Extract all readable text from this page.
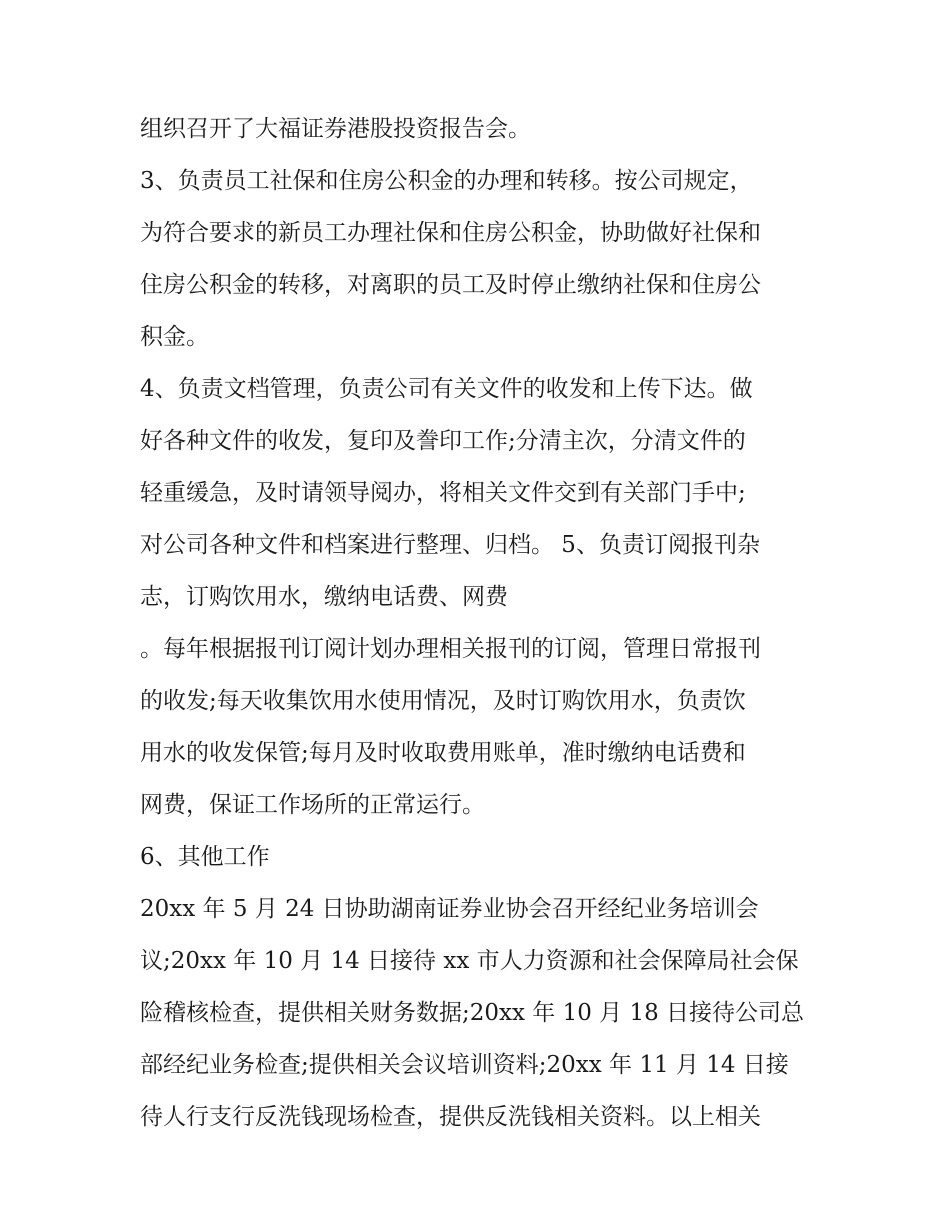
组织召开了大福证券港股投资报告会。
3、负责员工社保和住房公积金的办理和转移。按公司规定，
为符合要求的新员工办理社保和住房公积金，协助做好社保和
住房公积金的转移，对离职的员工及时停止缴纳社保和住房公
积金。
4、负责文档管理，负责公司有关文件的收发和上传下达。做
好各种文件的收发，复印及誊印工作;分清主次，分清文件的
轻重缓急，及时请领导阅办，将相关文件交到有关部门手中;
对公司各种文件和档案进行整理、归档。 5、负责订阅报刊杂
志，订购饮用水，缴纳电话费、网费
。每年根据报刊订阅计划办理相关报刊的订阅，管理日常报刊
的收发;每天收集饮用水使用情况，及时订购饮用水，负责饮
用水的收发保管;每月及时收取费用账单，准时缴纳电话费和
网费，保证工作场所的正常运行。
6、其他工作
20xx 年 5 月 24 日协助湖南证券业协会召开经纪业务培训会
议;20xx 年 10 月 14 日接待 xx 市人力资源和社会保障局社会保
险稽核检查，提供相关财务数据;20xx 年 10 月 18 日接待公司总
部经纪业务检查;提供相关会议培训资料;20xx 年 11 月 14 日接
待人行支行反洗钱现场检查，提供反洗钱相关资料。以上相关
